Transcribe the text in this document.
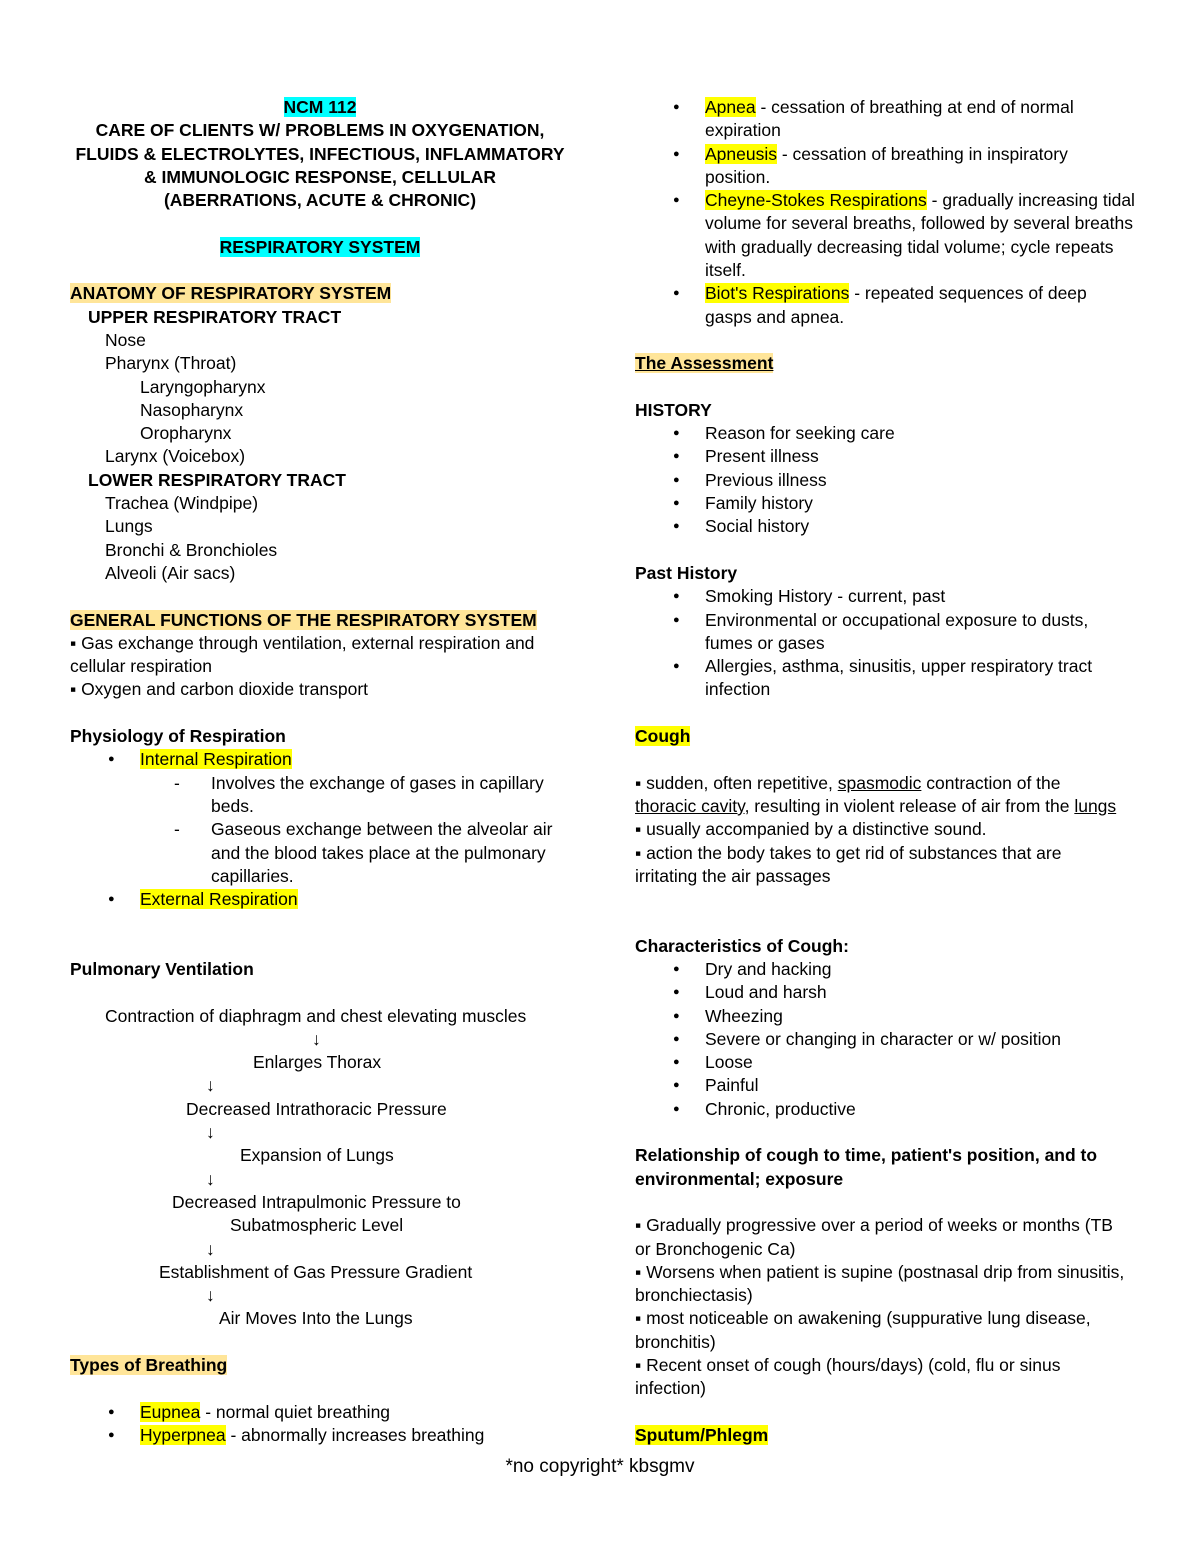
NCM 112
CARE OF CLIENTS W/ PROBLEMS IN OXYGENATION,
FLUIDS & ELECTROLYTES, INFECTIOUS, INFLAMMATORY
& IMMUNOLOGIC RESPONSE, CELLULAR
(ABERRATIONS, ACUTE & CHRONIC)
RESPIRATORY SYSTEM
ANATOMY OF RESPIRATORY SYSTEM
UPPER RESPIRATORY TRACT
Nose
Pharynx (Throat)
Laryngopharynx
Nasopharynx
Oropharynx
Larynx (Voicebox)
LOWER RESPIRATORY TRACT
Trachea (Windpipe)
Lungs
Bronchi & Bronchioles
Alveoli (Air sacs)
GENERAL FUNCTIONS OF THE RESPIRATORY SYSTEM
▪ Gas exchange through ventilation, external respiration and
cellular respiration
▪ Oxygen and carbon dioxide transport
Physiology of Respiration
● Internal Respiration
- Involves the exchange of gases in capillary beds.
- Gaseous exchange between the alveolar air and the blood takes place at the pulmonary capillaries.
● External Respiration
Pulmonary Ventilation
Contraction of diaphragm and chest elevating muscles
↓
Enlarges Thorax
↓
Decreased Intrathoracic Pressure
↓
Expansion of Lungs
↓
Decreased Intrapulmonic Pressure to
Subatmospheric Level
↓
Establishment of Gas Pressure Gradient
↓
Air Moves Into the Lungs
Types of Breathing
● Eupnea - normal quiet breathing
● Hyperpnea - abnormally increases breathing
● Apnea - cessation of breathing at end of normal expiration
● Apneusis - cessation of breathing in inspiratory position.
● Cheyne-Stokes Respirations - gradually increasing tidal volume for several breaths, followed by several breaths with gradually decreasing tidal volume; cycle repeats itself.
● Biot's Respirations - repeated sequences of deep gasps and apnea.
The Assessment
HISTORY
● Reason for seeking care
● Present illness
● Previous illness
● Family history
● Social history
Past History
● Smoking History - current, past
● Environmental or occupational exposure to dusts, fumes or gases
● Allergies, asthma, sinusitis, upper respiratory tract infection
Cough
▪ sudden, often repetitive, spasmodic contraction of the
thoracic cavity, resulting in violent release of air from the lungs
▪ usually accompanied by a distinctive sound.
▪ action the body takes to get rid of substances that are
irritating the air passages
Characteristics of Cough:
● Dry and hacking
● Loud and harsh
● Wheezing
● Severe or changing in character or w/ position
● Loose
● Painful
● Chronic, productive
Relationship of cough to time, patient's position, and to
environmental; exposure
▪ Gradually progressive over a period of weeks or months (TB
or Bronchogenic Ca)
▪ Worsens when patient is supine (postnasal drip from sinusitis,
bronchiectasis)
▪ most noticeable on awakening (suppurative lung disease,
bronchitis)
▪ Recent onset of cough (hours/days) (cold, flu or sinus
infection)
Sputum/Phlegm
*no copyright* kbsgmv
